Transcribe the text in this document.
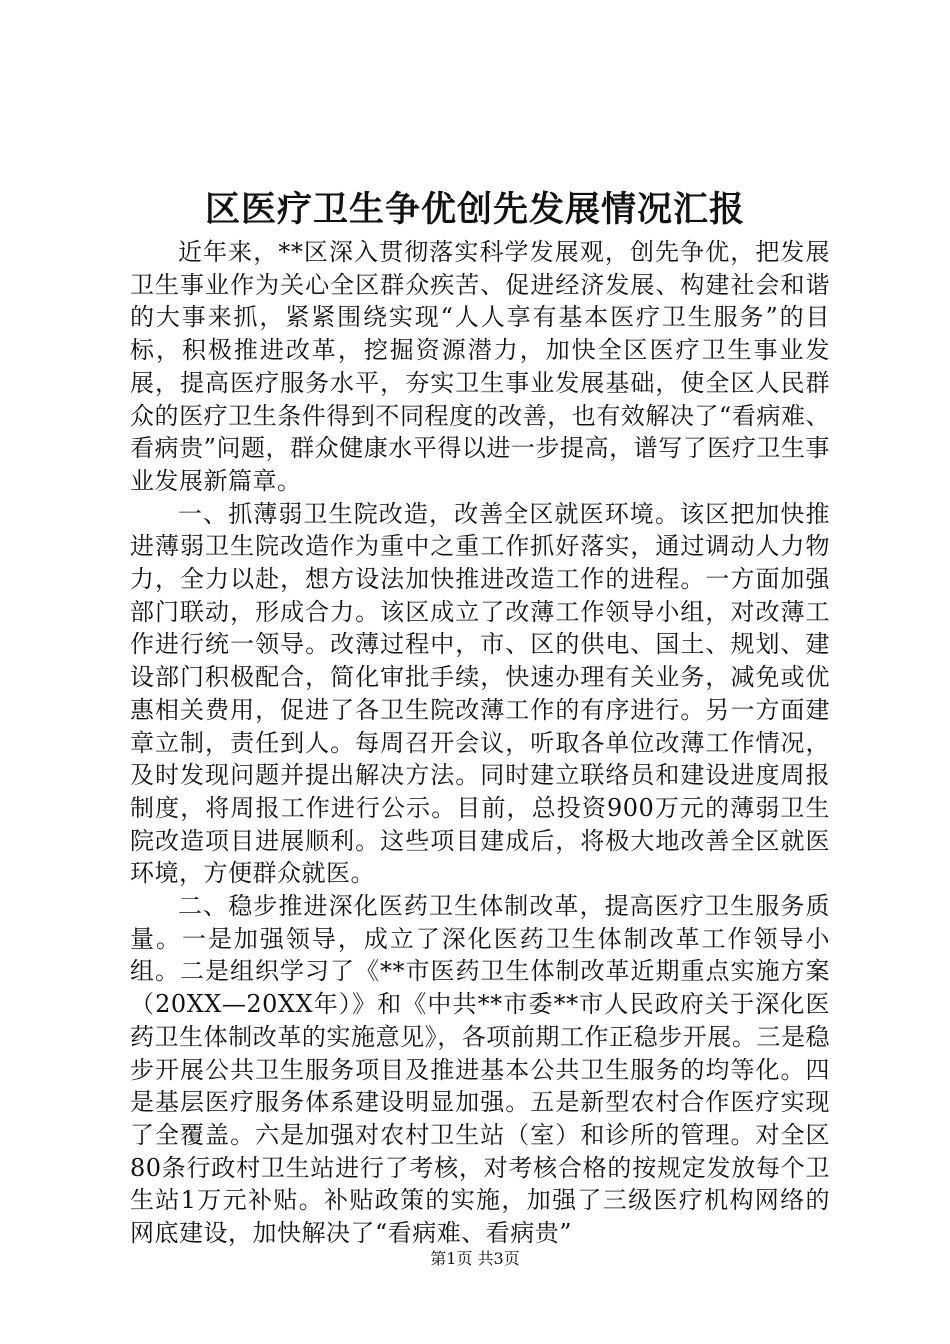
区医疗卫生争优创先发展情况汇报

近年来，**区深入贯彻落实科学发展观，创先争优，把发展卫生事业作为关心全区群众疾苦、促进经济发展、构建社会和谐的大事来抓，紧紧围绕实现“人人享有基本医疗卫生服务”的目标，积极推进改革，挖掘资源潜力，加快全区医疗卫生事业发展，提高医疗服务水平，夯实卫生事业发展基础，使全区人民群众的医疗卫生条件得到不同程度的改善，也有效解决了“看病难、看病贵”问题，群众健康水平得以进一步提高，谱写了医疗卫生事业发展新篇章。

一、抓薄弱卫生院改造，改善全区就医环境。该区把加快推进薄弱卫生院改造作为重中之重工作抓好落实，通过调动人力物力，全力以赴，想方设法加快推进改造工作的进程。一方面加强部门联动，形成合力。该区成立了改薄工作领导小组，对改薄工作进行统一领导。改薄过程中，市、区的供电、国土、规划、建设部门积极配合，简化审批手续，快速办理有关业务，减免或优惠相关费用，促进了各卫生院改薄工作的有序进行。另一方面建章立制，责任到人。每周召开会议，听取各单位改薄工作情况，及时发现问题并提出解决方法。同时建立联络员和建设进度周报制度，将周报工作进行公示。目前，总投资900万元的薄弱卫生院改造项目进展顺利。这些项目建成后，将极大地改善全区就医环境，方便群众就医。

二、稳步推进深化医药卫生体制改革，提高医疗卫生服务质量。一是加强领导，成立了深化医药卫生体制改革工作领导小组。二是组织学习了《**市医药卫生体制改革近期重点实施方案（20XX—20XX年）》和《中共**市委**市人民政府关于深化医药卫生体制改革的实施意见》，各项前期工作正稳步开展。三是稳步开展公共卫生服务项目及推进基本公共卫生服务的均等化。四是基层医疗服务体系建设明显加强。五是新型农村合作医疗实现了全覆盖。六是加强对农村卫生站（室）和诊所的管理。对全区80条行政村卫生站进行了考核，对考核合格的按规定发放每个卫生站1万元补贴。补贴政策的实施，加强了三级医疗机构网络的网底建设，加快解决了“看病难、看病贵”

第1页 共3页
